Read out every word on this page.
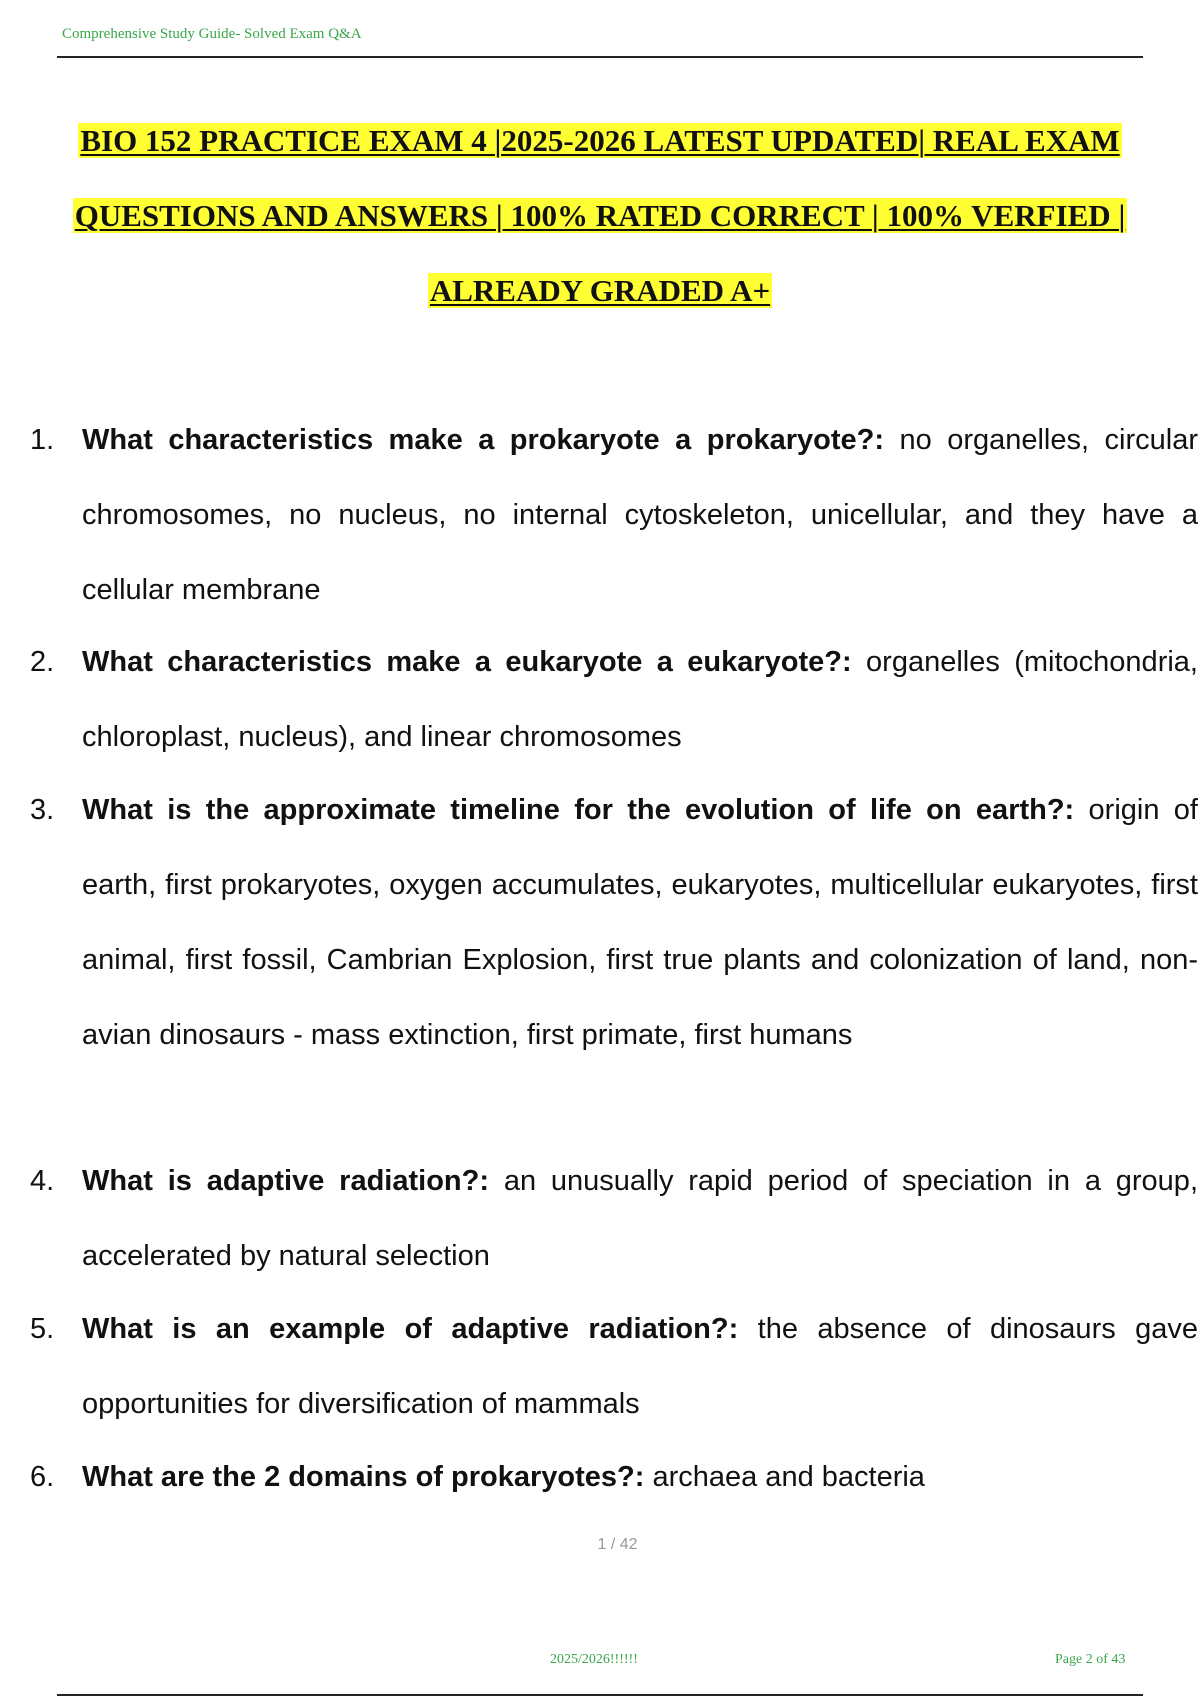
Comprehensive Study Guide- Solved Exam Q&A
BIO 152 PRACTICE EXAM 4 |2025-2026 LATEST UPDATED| REAL EXAM
QUESTIONS AND ANSWERS | 100% RATED CORRECT | 100% VERFIED |
ALREADY GRADED A+
1. What characteristics make a prokaryote a prokaryote?: no organelles, circular chromosomes, no nucleus, no internal cytoskeleton, unicellular, and they have a cellular membrane

2. What characteristics make a eukaryote a eukaryote?: organelles (mitochondria, chloroplast, nucleus), and linear chromosomes

3. What is the approximate timeline for the evolution of life on earth?: origin of earth, first prokaryotes, oxygen accumulates, eukaryotes, multicellular eukaryotes, first animal, first fossil, Cambrian Explosion, first true plants and colonization of land, non-avian dinosaurs - mass extinction, first primate, first humans

4. What is adaptive radiation?: an unusually rapid period of speciation in a group, accelerated by natural selection

5. What is an example of adaptive radiation?: the absence of dinosaurs gave opportunities for diversification of mammals

6. What are the 2 domains of prokaryotes?: archaea and bacteria

1 / 42
2025/2026!!!!!!	Page 2 of 43
